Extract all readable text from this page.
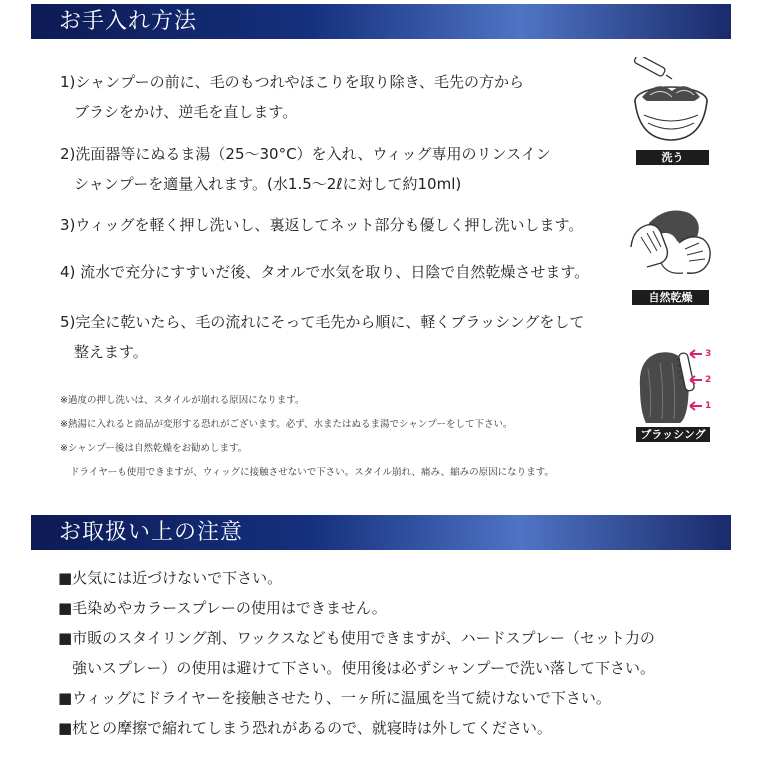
お手入れ方法
1)シャンプーの前に、毛のもつれやほこりを取り除き、毛先の方から
ブラシをかけ、逆毛を直します。
2)洗面器等にぬるま湯（25～30°C）を入れ、ウィッグ専用のリンスイン
シャンプーを適量入れます。(水1.5～2ℓに対して約10ml)
3)ウィッグを軽く押し洗いし、裏返してネット部分も優しく押し洗いします。
4) 流水で充分にすすいだ後、タオルで水気を取り、日陰で自然乾燥させます。
5)完全に乾いたら、毛の流れにそって毛先から順に、軽くブラッシングをして
整えます。
※過度の押し洗いは、スタイルが崩れる原因になります。
※熱湯に入れると商品が変形する恐れがございます。必ず、水またはぬるま湯でシャンプーをして下さい。
※シャンプー後は自然乾燥をお勧めします。
ドライヤーも使用できますが、ウィッグに接触させないで下さい。スタイル崩れ、痛み、縮みの原因になります。
洗う
自然乾燥
3
2
1
ブラッシング
お取扱い上の注意
■火気には近づけないで下さい。
■毛染めやカラースプレーの使用はできません。
■市販のスタイリング剤、ワックスなども使用できますが、ハードスプレー（セット力の
強いスプレー）の使用は避けて下さい。使用後は必ずシャンプーで洗い落して下さい。
■ウィッグにドライヤーを接触させたり、一ヶ所に温風を当て続けないで下さい。
■枕との摩擦で縮れてしまう恐れがあるので、就寝時は外してください。
